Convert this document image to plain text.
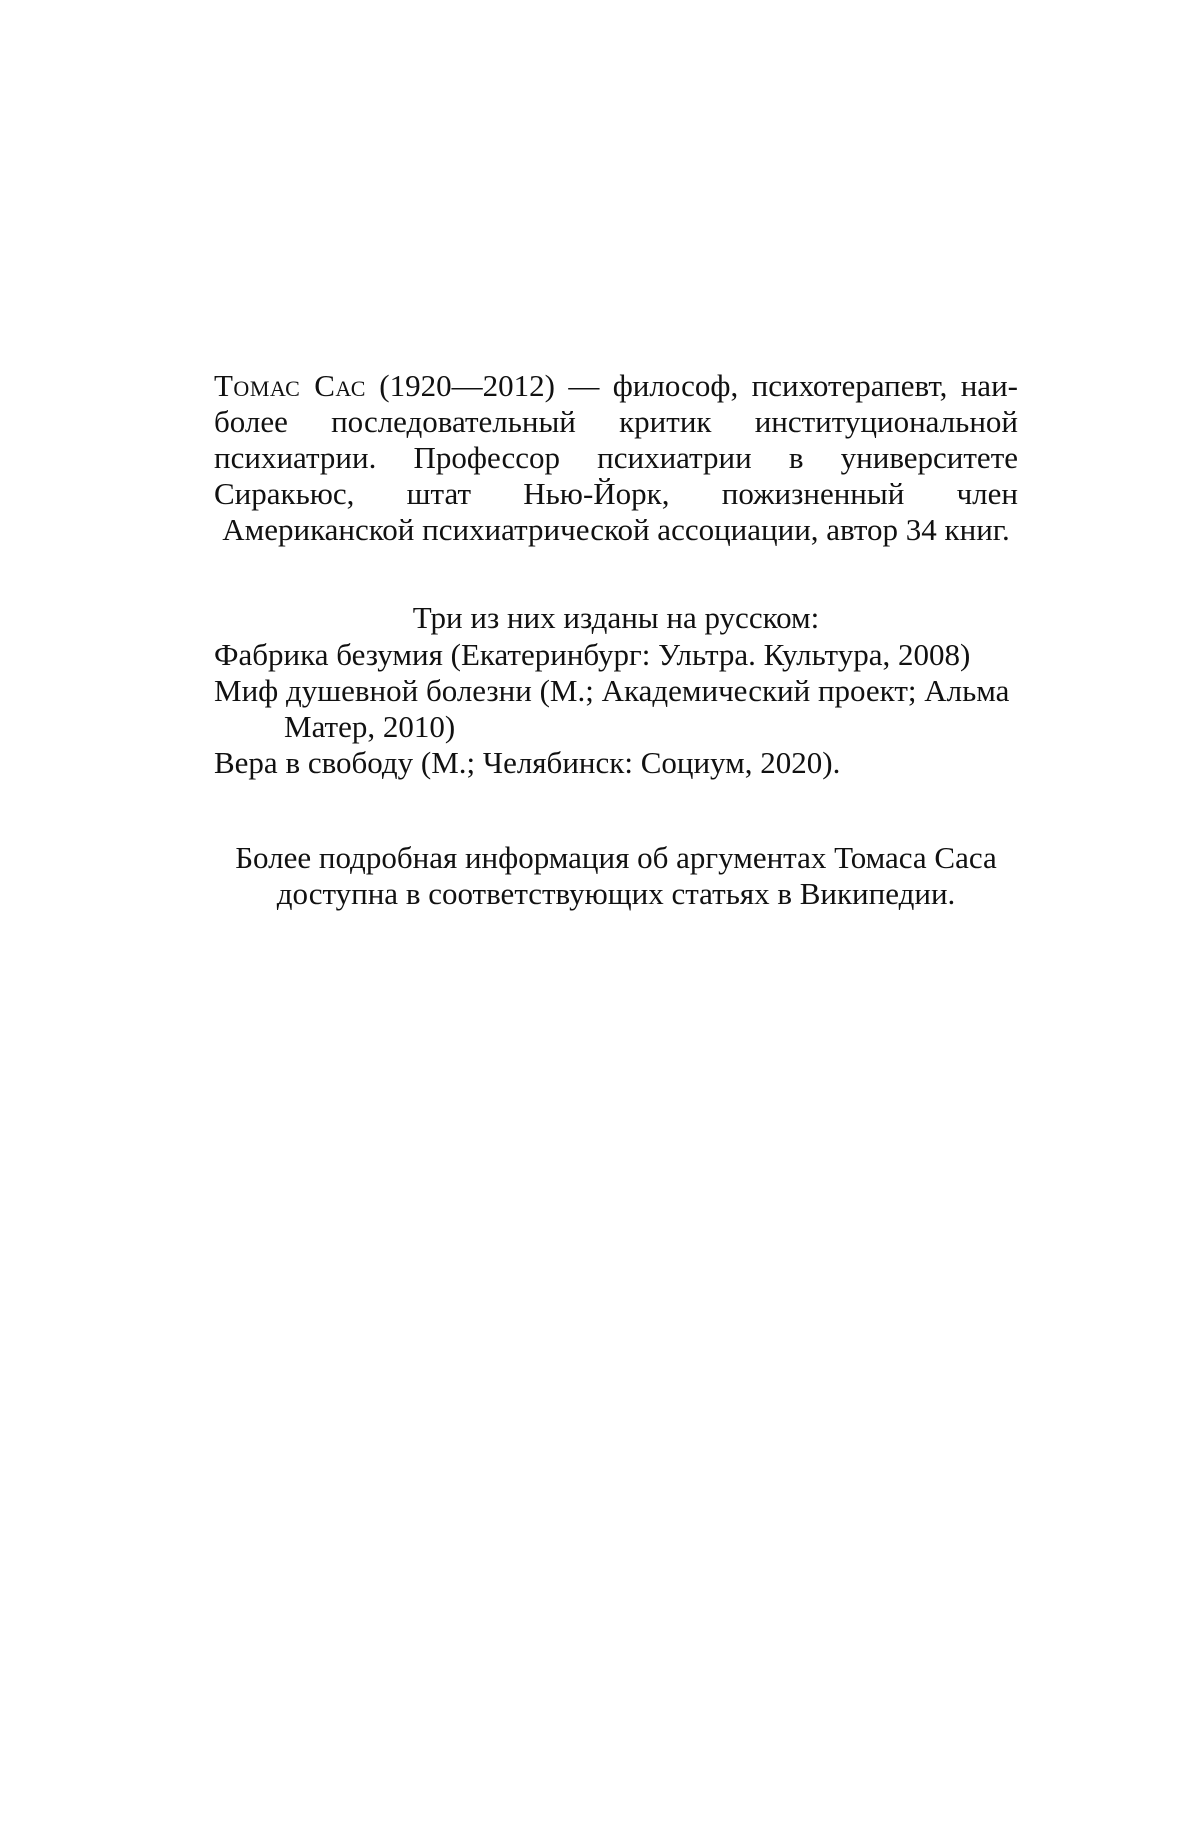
Томас Сас (1920—2012) — философ, психотерапевт, наиболее последовательный критик институциональной психиатрии. Профессор психиатрии в университете Сиракьюс, штат Нью-Йорк, пожизненный член Американской психиатрической ассоциации, автор 34 книг.

Три из них изданы на русском:

Фабрика безумия (Екатеринбург: Ультра. Культура, 2008)
Миф душевной болезни (М.; Академический проект; Альма Матер, 2010)
Вера в свободу (М.; Челябинск: Социум, 2020).

Более подробная информация об аргументах Томаса Саса
доступна в соответствующих статьях в Википедии.
